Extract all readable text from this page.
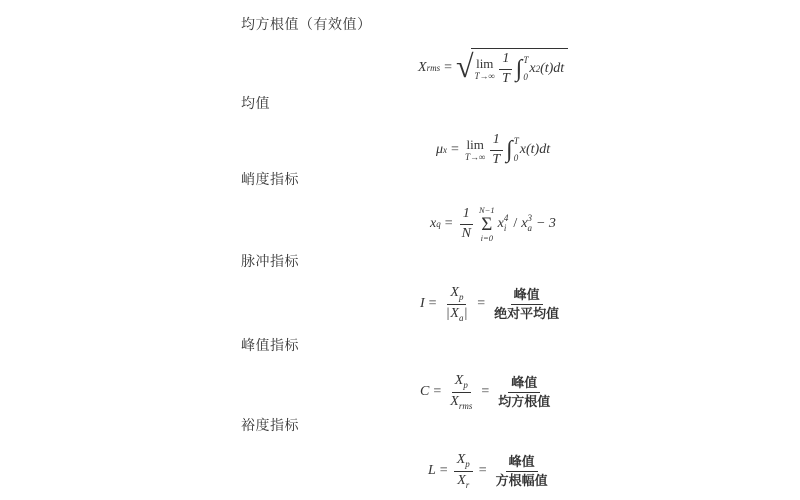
均方根值（有效值）
X rms = √ lim
$T\to\infty \frac{1}{T}$ ∫ T
0
x 2 (t) dt
均值
μ x = lim
$T\to\infty \frac{1}{T}$ ∫ T
0
x (t) dt
峭度指标
x $q = \frac{1}{N} N-1$
Σ
i=0
x 4
i / x 3
a − 3
脉冲指标
$I = \frac{X_p}{|X_a|} = \frac{\text{峰值}}{\text{绝对平均值}}$
峰值指标
$C = \frac{X_p}{X_{rms}} = \frac{\text{峰值}}{\text{均方根值}}$
裕度指标
$L = \frac{X_p}{X_r} = \frac{\text{峰值}}{\text{方根幅值}}$
